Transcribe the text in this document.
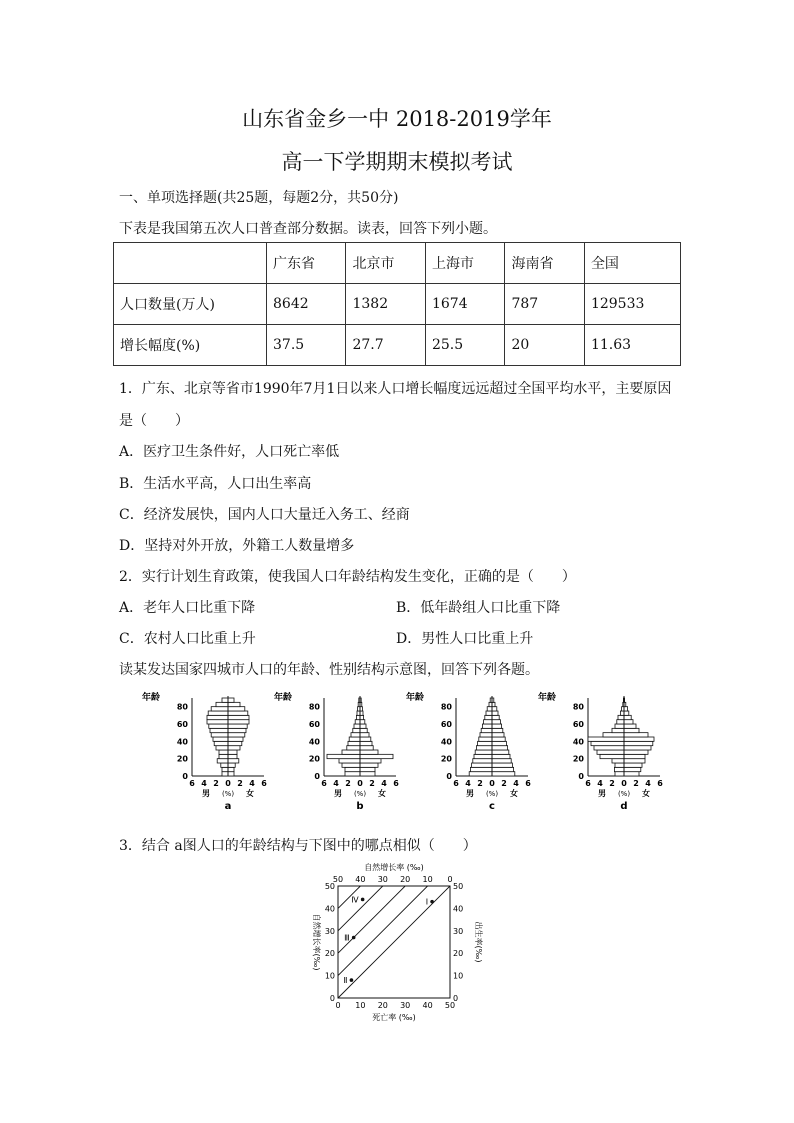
山东省金乡一中 2018-2019学年
高一下学期期末模拟考试
一、单项选择题(共25题，每题2分，共50分)
下表是我国第五次人口普查部分数据。读表，回答下列小题。
	广东省	北京市	上海市	海南省	全国
人口数量(万人)	8642	1382	1674	787	129533
增长幅度(%)	37.5	27.7	25.5	20	11.63
1．广东、北京等省市1990年7月1日以来人口增长幅度远远超过全国平均水平，主要原因
是（　　）
A．医疗卫生条件好，人口死亡率低
B．生活水平高，人口出生率高
C．经济发展快，国内人口大量迁入务工、经商
D．坚持对外开放，外籍工人数量增多
2．实行计划生育政策，使我国人口年龄结构发生变化，正确的是（　　）
A．老年人口比重下降	B．低年龄组人口比重下降
C．农村人口比重上升	D．男性人口比重上升
读某发达国家四城市人口的年龄、性别结构示意图，回答下列各题。
年龄
0
20
40
60
80
6 4 2 0 2 4 6
男 (%) 女
a
年龄
0
20
40
60
80
6 4 2 0 2 4 6
男 (%) 女
b
年龄
0
20
40
60
80
6 4 2 0 2 4 6
男 (%) 女
c
年龄
0
20
40
60
80
6 4 2 0 2 4 6
男 (%) 女
d
3．结合 a图人口的年龄结构与下图中的哪点相似（　　）
自然增长率 (‰)
死亡率 (‰)
自然增长率(‰)	出生率(‰)
0 10 20 30 40 50
50 40 30 20 10 0
0
10
20
30
40
50
0
10
20
30
40
50
Ⅰ
Ⅱ
Ⅲ
Ⅳ
